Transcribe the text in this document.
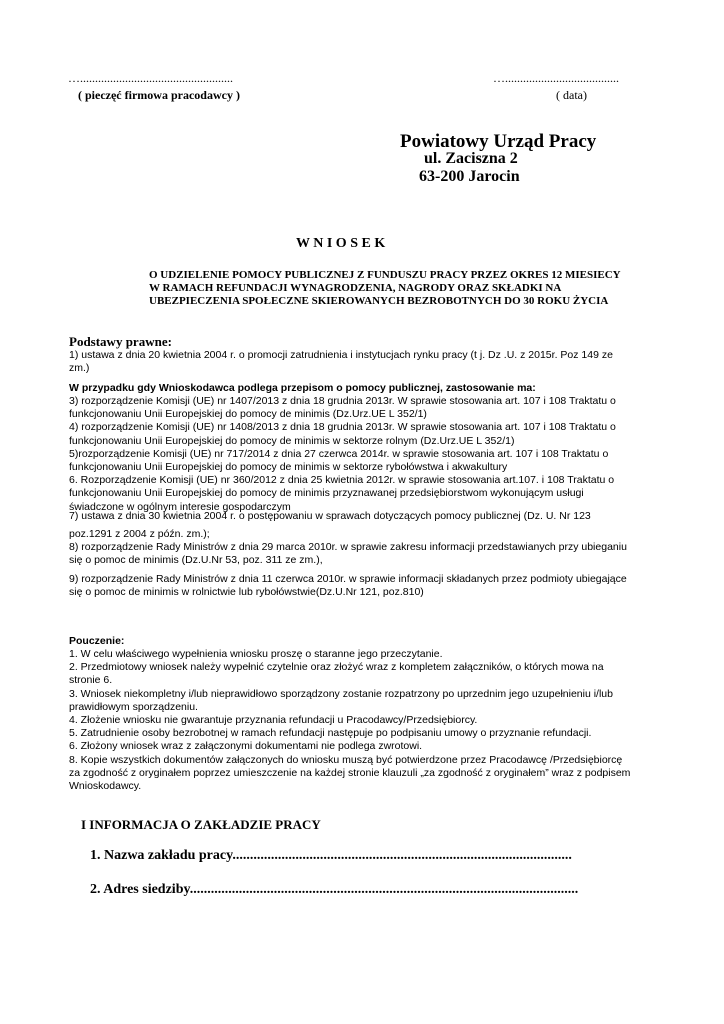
…...................................................
( pieczęć firmowa pracodawcy )
…......................................
( data)
Powiatowy Urząd Pracy
ul. Zaciszna 2
63-200 Jarocin
W N I O S E K
O UDZIELENIE POMOCY PUBLICZNEJ Z FUNDUSZU PRACY PRZEZ OKRES 12 MIESIECY
W RAMACH REFUNDACJI WYNAGRODZENIA, NAGRODY ORAZ SKŁADKI NA
UBEZPIECZENIA SPOŁECZNE SKIEROWANYCH BEZROBOTNYCH DO 30 ROKU ŻYCIA
Podstawy prawne:
1) ustawa z dnia 20 kwietnia 2004 r. o promocji zatrudnienia i instytucjach rynku pracy (t j. Dz .U. z 2015r. Poz 149 ze
zm.)
W przypadku gdy Wnioskodawca podlega przepisom o pomocy publicznej, zastosowanie ma:
3) rozporządzenie Komisji (UE) nr 1407/2013 z dnia 18 grudnia 2013r. W sprawie stosowania art. 107 i 108 Traktatu o
funkcjonowaniu Unii Europejskiej do pomocy de minimis (Dz.Urz.UE L 352/1)
4) rozporządzenie Komisji (UE) nr 1408/2013 z dnia 18 grudnia 2013r. W sprawie stosowania art. 107 i 108 Traktatu o
funkcjonowaniu Unii Europejskiej do pomocy de minimis w sektorze rolnym (Dz.Urz.UE L 352/1)
5)rozporządzenie Komisji (UE) nr 717/2014 z dnia 27 czerwca 2014r. w sprawie stosowania art. 107 i 108 Traktatu o
funkcjonowaniu Unii Europejskiej do pomocy de minimis w sektorze rybołówstwa i akwakultury
6. Rozporządzenie Komisji (UE) nr 360/2012 z dnia 25 kwietnia 2012r. w sprawie stosowania art.107. i 108 Traktatu o
funkcjonowaniu Unii Europejskiej do pomocy de minimis przyznawanej przedsiębiorstwom wykonującym usługi
świadczone w ogólnym interesie gospodarczym
7) ustawa z dnia 30 kwietnia 2004 r. o postępowaniu w sprawach dotyczących pomocy publicznej (Dz. U. Nr 123
poz.1291 z 2004 z późn. zm.);
8) rozporządzenie Rady Ministrów z dnia 29 marca 2010r. w sprawie zakresu informacji przedstawianych przy ubieganiu
się o pomoc de minimis (Dz.U.Nr 53, poz. 311 ze zm.),
9) rozporządzenie Rady Ministrów z dnia 11 czerwca 2010r. w sprawie informacji składanych przez podmioty ubiegające
się o pomoc de minimis w rolnictwie lub rybołówstwie(Dz.U.Nr 121, poz.810)
Pouczenie:
1. W celu właściwego wypełnienia wniosku proszę o staranne jego przeczytanie.
2. Przedmiotowy wniosek należy wypełnić czytelnie oraz złożyć wraz z kompletem załączników, o których mowa na
stronie 6.
3. Wniosek niekompletny i/lub nieprawidłowo sporządzony zostanie rozpatrzony po uprzednim jego uzupełnieniu i/lub
prawidłowym sporządzeniu.
4. Złożenie wniosku nie gwarantuje przyznania refundacji u Pracodawcy/Przedsiębiorcy.
5. Zatrudnienie osoby bezrobotnej w ramach refundacji następuje po podpisaniu umowy o przyznanie refundacji.
6. Złożony wniosek wraz z załączonymi dokumentami nie podlega zwrotowi.
8. Kopie wszystkich dokumentów załączonych do wniosku muszą być potwierdzone przez Pracodawcę /Przedsiębiorcę
za zgodność z oryginałem poprzez umieszczenie na każdej stronie klauzuli „za zgodność z oryginałem” wraz z podpisem
Wnioskodawcy.
I INFORMACJA O ZAKŁADZIE PRACY
1. Nazwa zakładu pracy.................................................................................................
2. Adres siedziby...............................................................................................................
